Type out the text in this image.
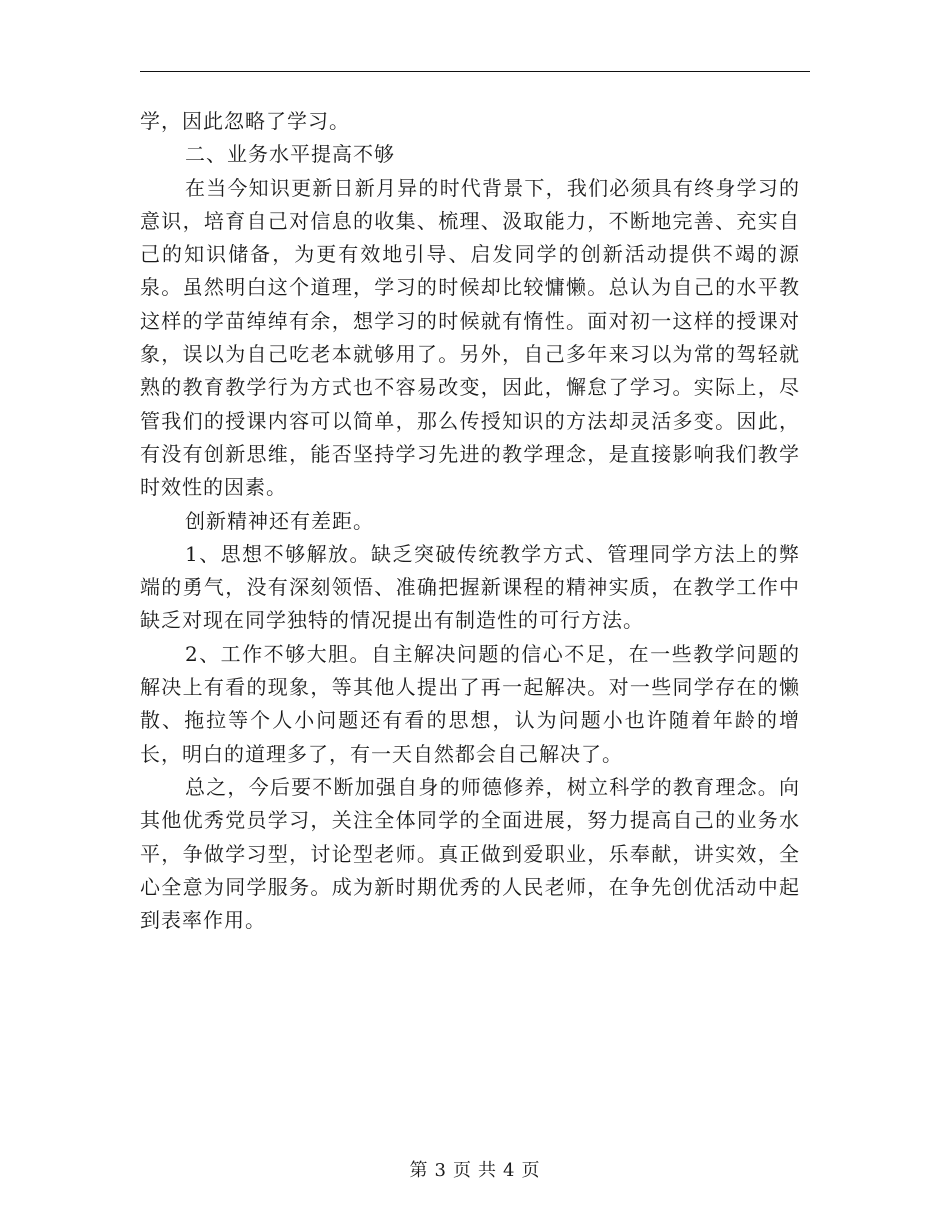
学，因此忽略了学习。

二、业务水平提高不够

在当今知识更新日新月异的时代背景下，我们必须具有终身学习的意识，培育自己对信息的收集、梳理、汲取能力，不断地完善、充实自己的知识储备，为更有效地引导、启发同学的创新活动提供不竭的源泉。虽然明白这个道理，学习的时候却比较慵懒。总认为自己的水平教这样的学苗绰绰有余，想学习的时候就有惰性。面对初一这样的授课对象，误以为自己吃老本就够用了。另外，自己多年来习以为常的驾轻就熟的教育教学行为方式也不容易改变，因此，懈怠了学习。实际上，尽管我们的授课内容可以简单，那么传授知识的方法却灵活多变。因此，有没有创新思维，能否坚持学习先进的教学理念，是直接影响我们教学时效性的因素。

创新精神还有差距。

1、思想不够解放。缺乏突破传统教学方式、管理同学方法上的弊端的勇气，没有深刻领悟、准确把握新课程的精神实质，在教学工作中缺乏对现在同学独特的情况提出有制造性的可行方法。

2、工作不够大胆。自主解决问题的信心不足，在一些教学问题的解决上有看的现象，等其他人提出了再一起解决。对一些同学存在的懒散、拖拉等个人小问题还有看的思想，认为问题小也许随着年龄的增长，明白的道理多了，有一天自然都会自己解决了。

总之，今后要不断加强自身的师德修养，树立科学的教育理念。向其他优秀党员学习，关注全体同学的全面进展，努力提高自己的业务水平，争做学习型，讨论型老师。真正做到爱职业，乐奉献，讲实效，全心全意为同学服务。成为新时期优秀的人民老师，在争先创优活动中起到表率作用。

第 3 页 共 4 页
